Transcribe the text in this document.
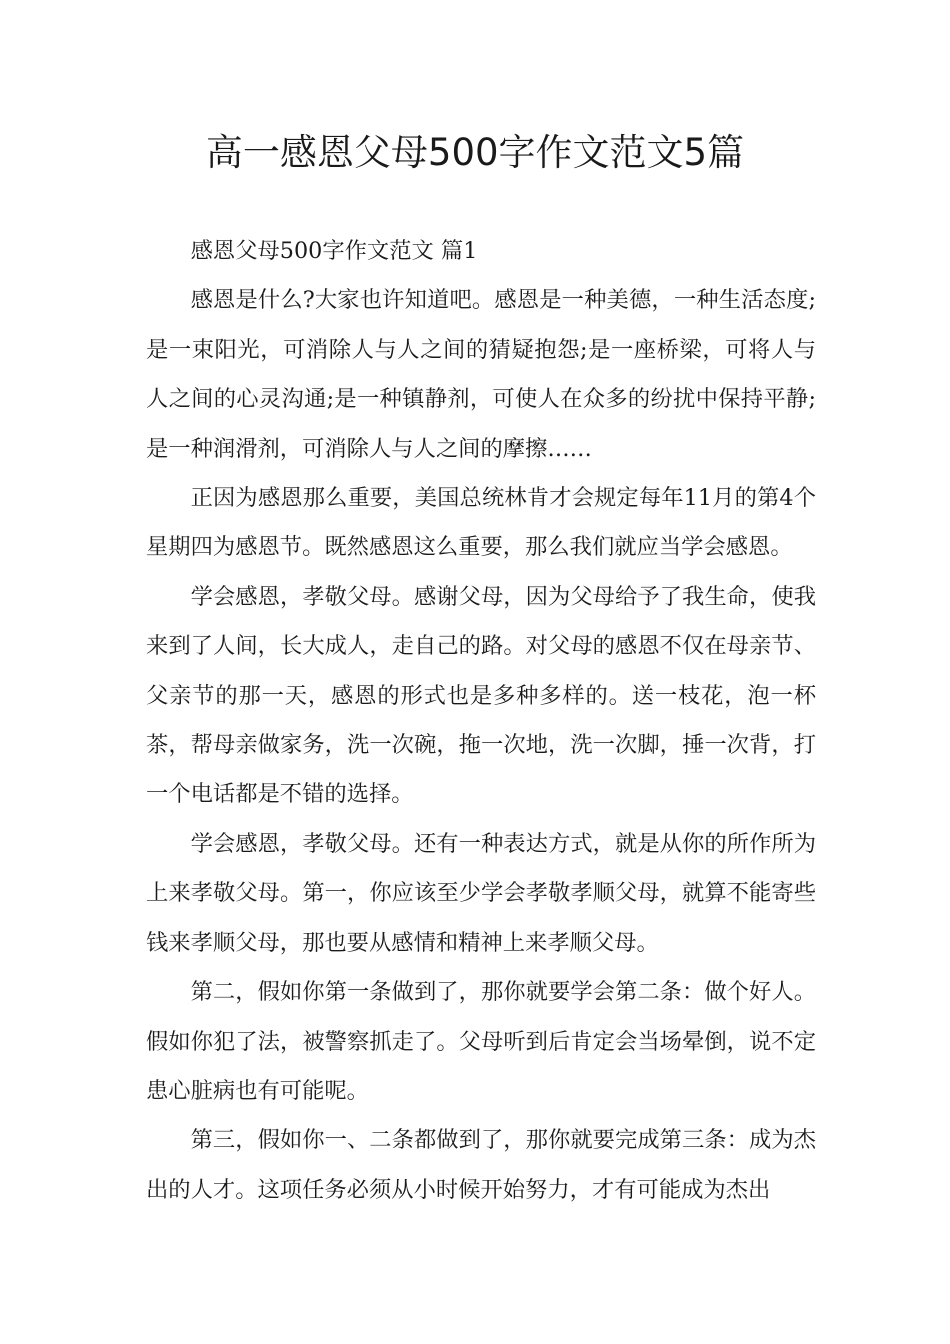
高一感恩父母500字作文范文5篇

感恩父母500字作文范文 篇1

感恩是什么?大家也许知道吧。感恩是一种美德，一种生活态度;是一束阳光，可消除人与人之间的猜疑抱怨;是一座桥梁，可将人与人之间的心灵沟通;是一种镇静剂，可使人在众多的纷扰中保持平静;是一种润滑剂，可消除人与人之间的摩擦……

正因为感恩那么重要，美国总统林肯才会规定每年11月的第4个星期四为感恩节。既然感恩这么重要，那么我们就应当学会感恩。

学会感恩，孝敬父母。感谢父母，因为父母给予了我生命，使我来到了人间，长大成人，走自己的路。对父母的感恩不仅在母亲节、父亲节的那一天，感恩的形式也是多种多样的。送一枝花，泡一杯茶，帮母亲做家务，洗一次碗，拖一次地，洗一次脚，捶一次背，打一个电话都是不错的选择。

学会感恩，孝敬父母。还有一种表达方式，就是从你的所作所为上来孝敬父母。第一，你应该至少学会孝敬孝顺父母，就算不能寄些钱来孝顺父母，那也要从感情和精神上来孝顺父母。

第二，假如你第一条做到了，那你就要学会第二条：做个好人。假如你犯了法，被警察抓走了。父母听到后肯定会当场晕倒，说不定患心脏病也有可能呢。

第三，假如你一、二条都做到了，那你就要完成第三条：成为杰出的人才。这项任务必须从小时候开始努力，才有可能成为杰出
